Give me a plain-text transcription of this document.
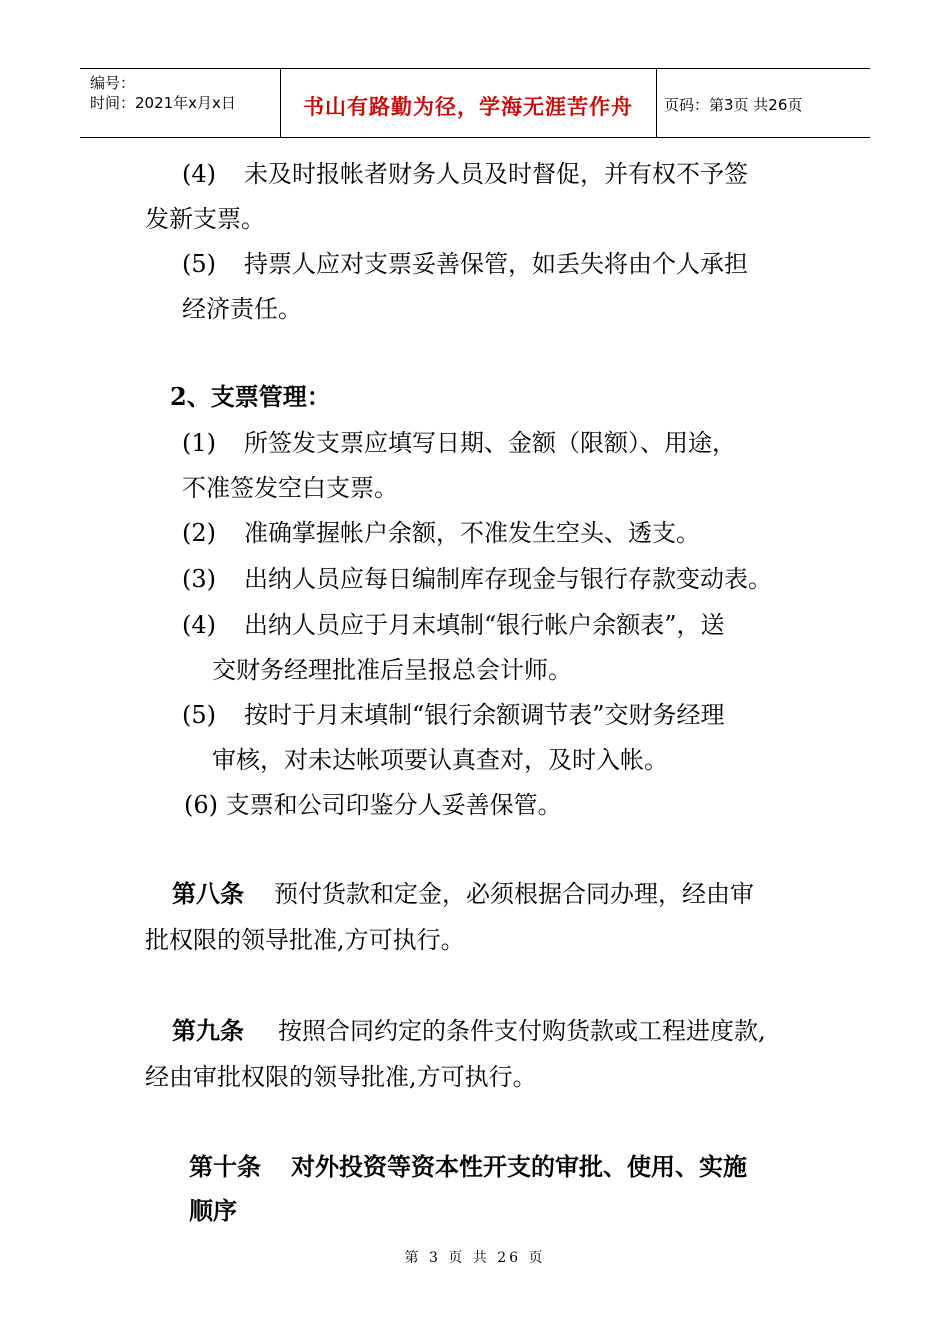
编号：
时间：2021年x月x日	书山有路勤为径，学海无涯苦作舟	页码：第3页 共26页
(4) 未及时报帐者财务人员及时督促，并有权不予签
发新支票。
(5) 持票人应对支票妥善保管，如丢失将由个人承担
经济责任。
2、支票管理：
(1) 所签发支票应填写日期、金额（限额）、用途，
不准签发空白支票。
(2) 准确掌握帐户余额，不准发生空头、透支。
(3) 出纳人员应每日编制库存现金与银行存款变动表。
(4) 出纳人员应于月末填制“银行帐户余额表”，送
交财务经理批准后呈报总会计师。
(5) 按时于月末填制“银行余额调节表”交财务经理
审核，对未达帐项要认真查对，及时入帐。
(6) 支票和公司印鉴分人妥善保管。
第八条 预付货款和定金，必须根据合同办理，经由审
批权限的领导批准,方可执行。
第九条 按照合同约定的条件支付购货款或工程进度款,
经由审批权限的领导批准,方可执行。
第十条 对外投资等资本性开支的审批、使用、实施
顺序
第 3 页 共 26 页
